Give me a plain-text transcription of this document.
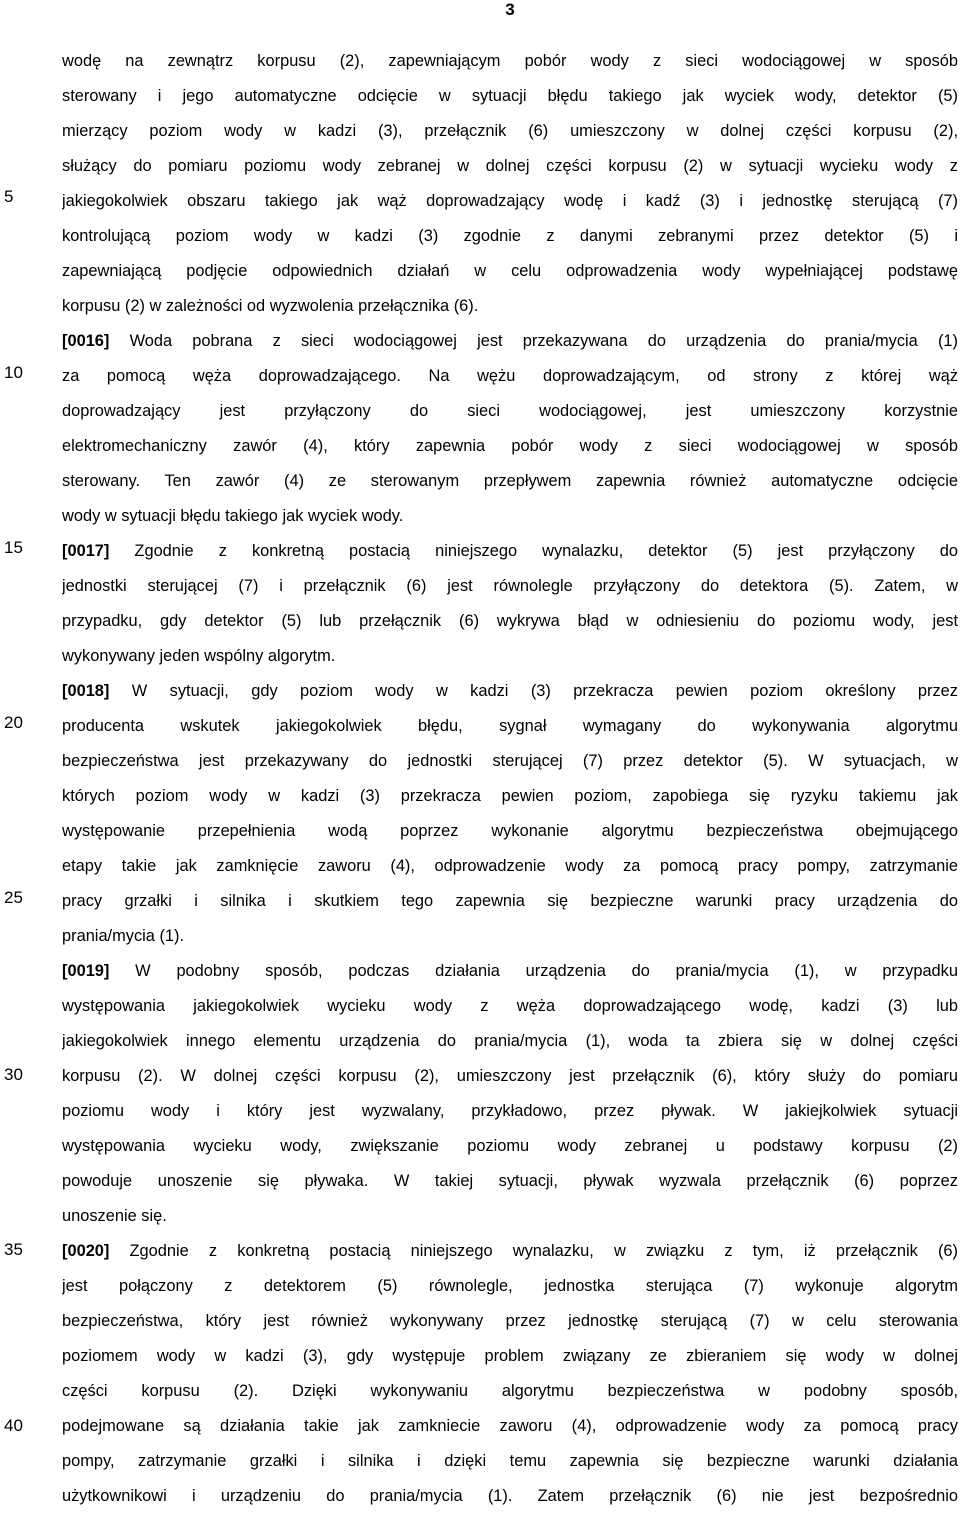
3
5
10
15
20
25
30
35
40
wodę na zewnątrz korpusu (2), zapewniającym pobór wody z sieci wodociągowej w sposób
sterowany i jego automatyczne odcięcie w sytuacji błędu takiego jak wyciek wody, detektor (5)
mierzący poziom wody w kadzi (3), przełącznik (6) umieszczony w dolnej części korpusu (2),
służący do pomiaru poziomu wody zebranej w dolnej części korpusu (2) w sytuacji wycieku wody z
jakiegokolwiek obszaru takiego jak wąż doprowadzający wodę i kadź (3) i jednostkę sterującą (7)
kontrolującą poziom wody w kadzi (3) zgodnie z danymi zebranymi przez detektor (5) i
zapewniającą podjęcie odpowiednich działań w celu odprowadzenia wody wypełniającej podstawę
korpusu (2) w zależności od wyzwolenia przełącznika (6).
[0016] Woda pobrana z sieci wodociągowej jest przekazywana do urządzenia do prania/mycia (1)
za pomocą węża doprowadzającego. Na wężu doprowadzającym, od strony z której wąż
doprowadzający jest przyłączony do sieci wodociągowej, jest umieszczony korzystnie
elektromechaniczny zawór (4), który zapewnia pobór wody z sieci wodociągowej w sposób
sterowany. Ten zawór (4) ze sterowanym przepływem zapewnia również automatyczne odcięcie
wody w sytuacji błędu takiego jak wyciek wody.
[0017] Zgodnie z konkretną postacią niniejszego wynalazku, detektor (5) jest przyłączony do
jednostki sterującej (7) i przełącznik (6) jest równolegle przyłączony do detektora (5). Zatem, w
przypadku, gdy detektor (5) lub przełącznik (6) wykrywa błąd w odniesieniu do poziomu wody, jest
wykonywany jeden wspólny algorytm.
[0018] W sytuacji, gdy poziom wody w kadzi (3) przekracza pewien poziom określony przez
producenta wskutek jakiegokolwiek błędu, sygnał wymagany do wykonywania algorytmu
bezpieczeństwa jest przekazywany do jednostki sterującej (7) przez detektor (5). W sytuacjach, w
których poziom wody w kadzi (3) przekracza pewien poziom, zapobiega się ryzyku takiemu jak
występowanie przepełnienia wodą poprzez wykonanie algorytmu bezpieczeństwa obejmującego
etapy takie jak zamknięcie zaworu (4), odprowadzenie wody za pomocą pracy pompy, zatrzymanie
pracy grzałki i silnika i skutkiem tego zapewnia się bezpieczne warunki pracy urządzenia do
prania/mycia (1).
[0019] W podobny sposób, podczas działania urządzenia do prania/mycia (1), w przypadku
występowania jakiegokolwiek wycieku wody z węża doprowadzającego wodę, kadzi (3) lub
jakiegokolwiek innego elementu urządzenia do prania/mycia (1), woda ta zbiera się w dolnej części
korpusu (2). W dolnej części korpusu (2), umieszczony jest przełącznik (6), który służy do pomiaru
poziomu wody i który jest wyzwalany, przykładowo, przez pływak. W jakiejkolwiek sytuacji
występowania wycieku wody, zwiększanie poziomu wody zebranej u podstawy korpusu (2)
powoduje unoszenie się pływaka. W takiej sytuacji, pływak wyzwala przełącznik (6) poprzez
unoszenie się.
[0020] Zgodnie z konkretną postacią niniejszego wynalazku, w związku z tym, iż przełącznik (6)
jest połączony z detektorem (5) równolegle, jednostka sterująca (7) wykonuje algorytm
bezpieczeństwa, który jest również wykonywany przez jednostkę sterującą (7) w celu sterowania
poziomem wody w kadzi (3), gdy występuje problem związany ze zbieraniem się wody w dolnej
części korpusu (2). Dzięki wykonywaniu algorytmu bezpieczeństwa w podobny sposób,
podejmowane są działania takie jak zamkniecie zaworu (4), odprowadzenie wody za pomocą pracy
pompy, zatrzymanie grzałki i silnika i dzięki temu zapewnia się bezpieczne warunki działania
użytkownikowi i urządzeniu do prania/mycia (1). Zatem przełącznik (6) nie jest bezpośrednio
